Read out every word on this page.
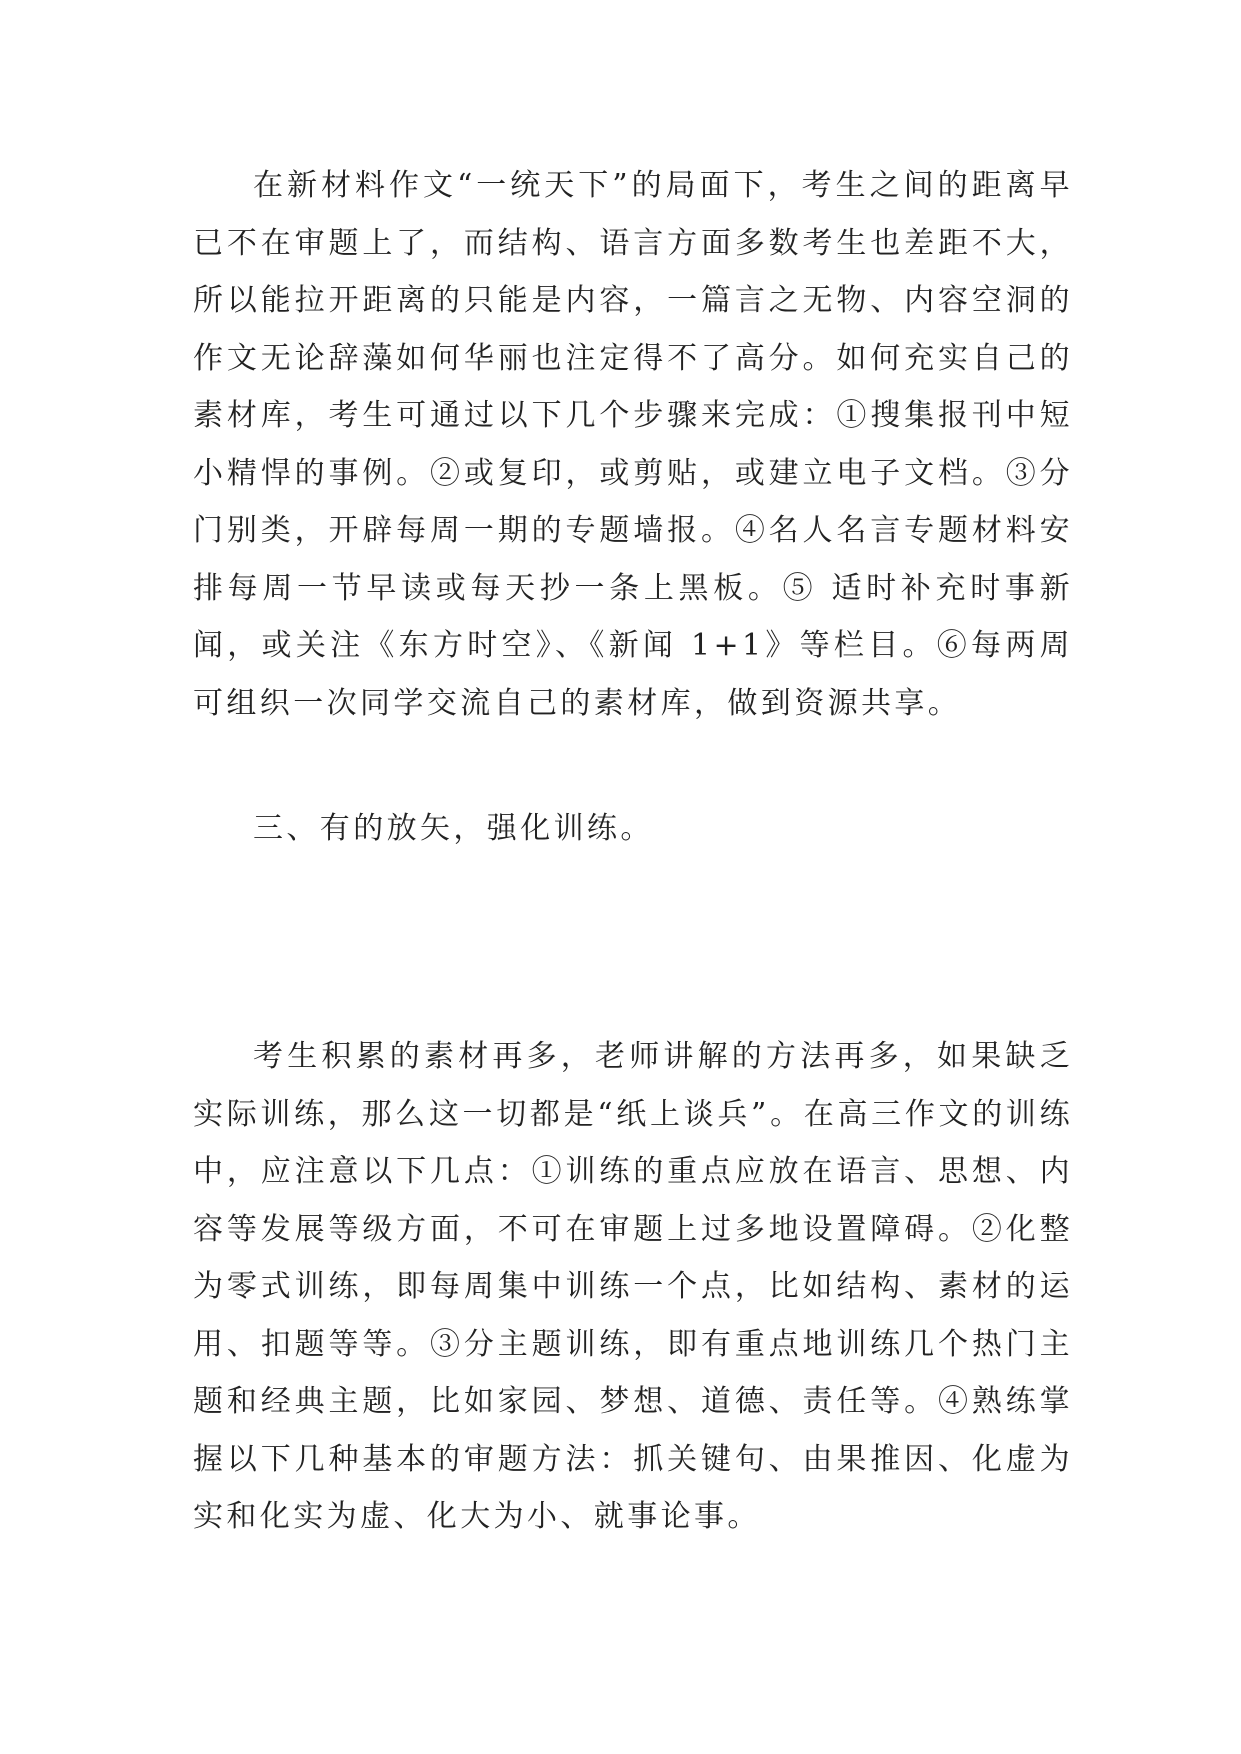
在新材料作文“一统天下”的局面下，考生之间的距离早已不在审题上了，而结构、语言方面多数考生也差距不大，所以能拉开距离的只能是内容，一篇言之无物、内容空洞的作文无论辞藻如何华丽也注定得不了高分。如何充实自己的素材库，考生可通过以下几个步骤来完成：①搜集报刊中短小精悍的事例。②或复印，或剪贴，或建立电子文档。③分门别类，开辟每周一期的专题墙报。④名人名言专题材料安排每周一节早读或每天抄一条上黑板。⑤ 适时补充时事新闻，或关注《东方时空》、《新闻 1+1》等栏目。⑥每两周可组织一次同学交流自己的素材库，做到资源共享。

三、有的放矢，强化训练。

考生积累的素材再多，老师讲解的方法再多，如果缺乏实际训练，那么这一切都是“纸上谈兵”。在高三作文的训练中，应注意以下几点：①训练的重点应放在语言、思想、内容等发展等级方面，不可在审题上过多地设置障碍。②化整为零式训练，即每周集中训练一个点，比如结构、素材的运用、扣题等等。③分主题训练，即有重点地训练几个热门主题和经典主题，比如家园、梦想、道德、责任等。④熟练掌握以下几种基本的审题方法：抓关键句、由果推因、化虚为实和化实为虚、化大为小、就事论事。
